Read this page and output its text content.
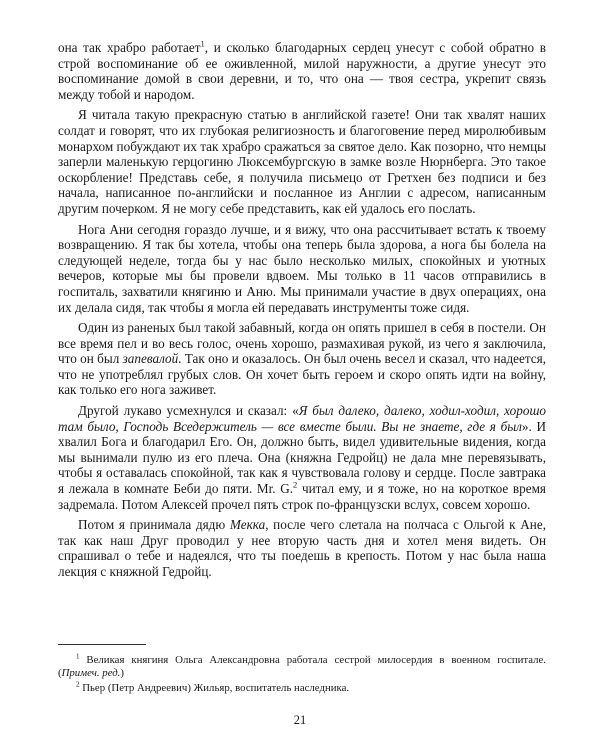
она так храбро работает$^1$, и сколько благодарных сердец унесут с собой обратно в строй воспоминание об ее оживленной, милой наружности, а другие унесут это воспоминание домой в свои деревни, и то, что она — твоя сестра, укрепит связь между тобой и народом.

Я читала такую прекрасную статью в английской газете! Они так хвалят наших солдат и говорят, что их глубокая религиозность и благоговение перед миролюбивым монархом побуждают их так храбро сражаться за святое дело. Как позорно, что немцы заперли маленькую герцогиню Люксембургскую в замке возле Нюрнберга. Это такое оскорбление! Представь себе, я получила письмецо от Гретхен без подписи и без начала, написанное по-английски и посланное из Англии с адресом, написанным другим почерком. Я не могу себе представить, как ей удалось его послать.

Нога Ани сегодня гораздо лучше, и я вижу, что она рассчитывает встать к твоему возвращению. Я так бы хотела, чтобы она теперь была здорова, а нога бы болела на следующей неделе, тогда бы у нас было несколько милых, спокойных и уютных вечеров, которые мы бы провели вдвоем. Мы только в 11 часов отправились в госпиталь, захватили княгиню и Аню. Мы принимали участие в двух операциях, она их делала сидя, так чтобы я могла ей передавать инструменты тоже сидя.

Один из раненых был такой забавный, когда он опять пришел в себя в постели. Он все время пел и во весь голос, очень хорошо, размахивая рукой, из чего я заключила, что он был запевалой. Так оно и оказалось. Он был очень весел и сказал, что надеется, что не употреблял грубых слов. Он хочет быть героем и скоро опять идти на войну, как только его нога заживет.

Другой лукаво усмехнулся и сказал: «Я был далеко, далеко, ходил-ходил, хорошо там было, Господь Вседержитель — все вместе были. Вы не знаете, где я был». И хвалил Бога и благодарил Его. Он, должно быть, видел удивительные видения, когда мы вынимали пулю из его плеча. Она (княжна Гедройц) не дала мне перевязывать, чтобы я оставалась спокойной, так как я чувствовала голову и сердце. После завтрака я лежала в комнате Беби до пяти. Mr. G.$^2$ читал ему, и я тоже, но на короткое время задремала. Потом Алексей прочел пять строк по-французски вслух, совсем хорошо.

Потом я принимала дядю Мекка, после чего слетала на полчаса с Ольгой к Ане, так как наш Друг проводил у нее вторую часть дня и хотел меня видеть. Он спрашивал о тебе и надеялся, что ты поедешь в крепость. Потом у нас была наша лекция с княжной Гедройц.

$^1$ Великая княгиня Ольга Александровна работала сестрой милосердия в военном госпитале. (Примеч. ред.)

$^2$ Пьер (Петр Андреевич) Жильяр, воспитатель наследника.

21
